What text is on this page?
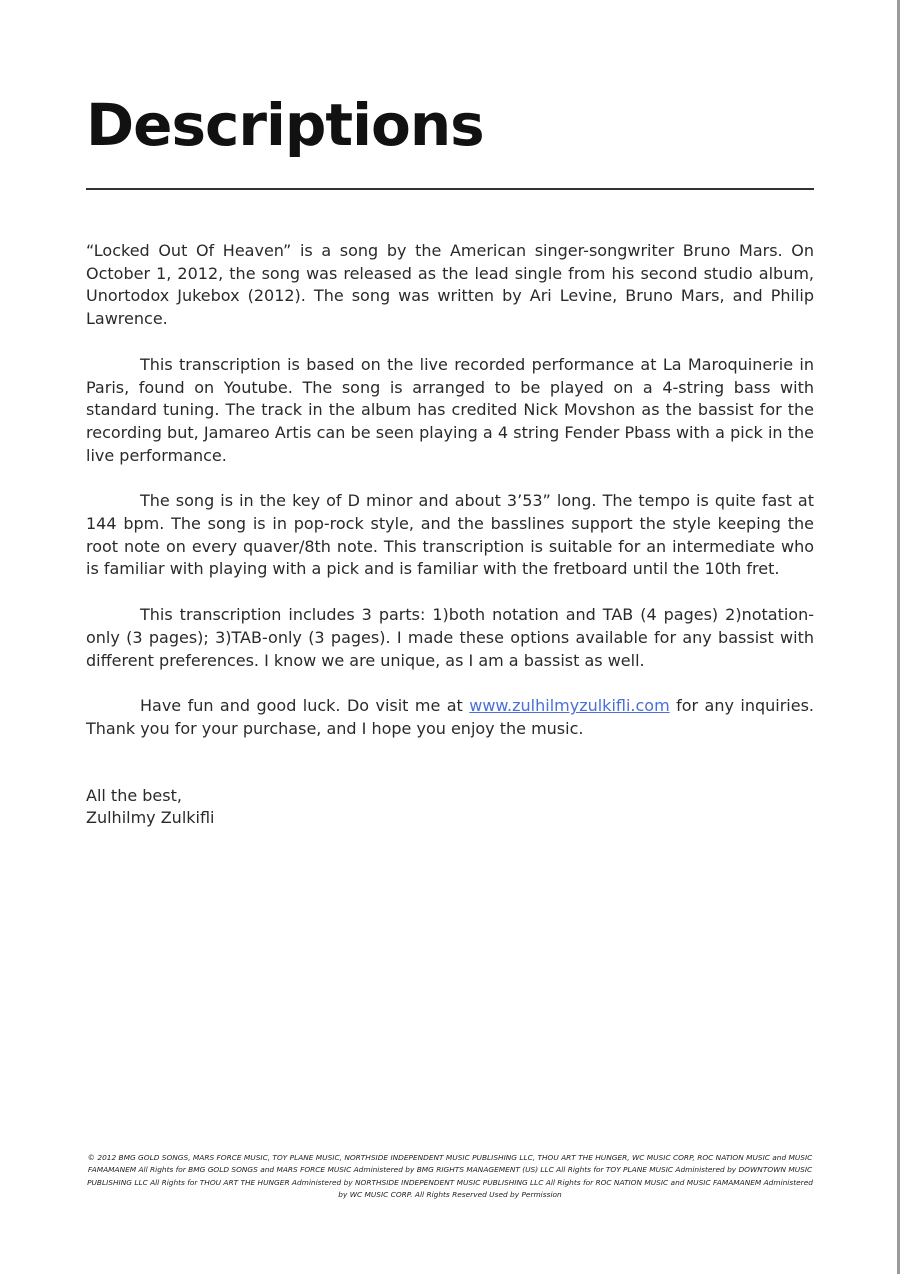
Descriptions

“Locked Out Of Heaven” is a song by the American singer-songwriter Bruno Mars. On October 1, 2012, the song was released as the lead single from his second studio album, Unortodox Jukebox (2012). The song was written by Ari Levine, Bruno Mars, and Philip Lawrence.

This transcription is based on the live recorded performance at La Maroquinerie in Paris, found on Youtube. The song is arranged to be played on a 4-string bass with standard tuning. The track in the album has credited Nick Movshon as the bassist for the recording but, Jamareo Artis can be seen playing a 4 string Fender Pbass with a pick in the live performance.

The song is in the key of D minor and about 3’53” long. The tempo is quite fast at 144 bpm. The song is in pop-rock style, and the basslines support the style keeping the root note on every quaver/8th note. This transcription is suitable for an intermediate who is familiar with playing with a pick and is familiar with the fretboard until the 10th fret.

This transcription includes 3 parts: 1)both notation and TAB (4 pages) 2)notation-only (3 pages); 3)TAB-only (3 pages). I made these options available for any bassist with different preferences. I know we are unique, as I am a bassist as well.

Have fun and good luck. Do visit me at www.zulhilmyzulkifli.com for any inquiries. Thank you for your purchase, and I hope you enjoy the music.

All the best,
Zulhilmy Zulkifli
© 2012 BMG GOLD SONGS, MARS FORCE MUSIC, TOY PLANE MUSIC, NORTHSIDE INDEPENDENT MUSIC PUBLISHING LLC, THOU ART THE HUNGER, WC MUSIC CORP, ROC NATION MUSIC and MUSIC FAMAMANEM All Rights for BMG GOLD SONGS and MARS FORCE MUSIC Administered by BMG RIGHTS MANAGEMENT (US) LLC All Rights for TOY PLANE MUSIC Administered by DOWNTOWN MUSIC PUBLISHING LLC All Rights for THOU ART THE HUNGER Administered by NORTHSIDE INDEPENDENT MUSIC PUBLISHING LLC All Rights for ROC NATION MUSIC and MUSIC FAMAMANEM Administered by WC MUSIC CORP. All Rights Reserved Used by Permission
